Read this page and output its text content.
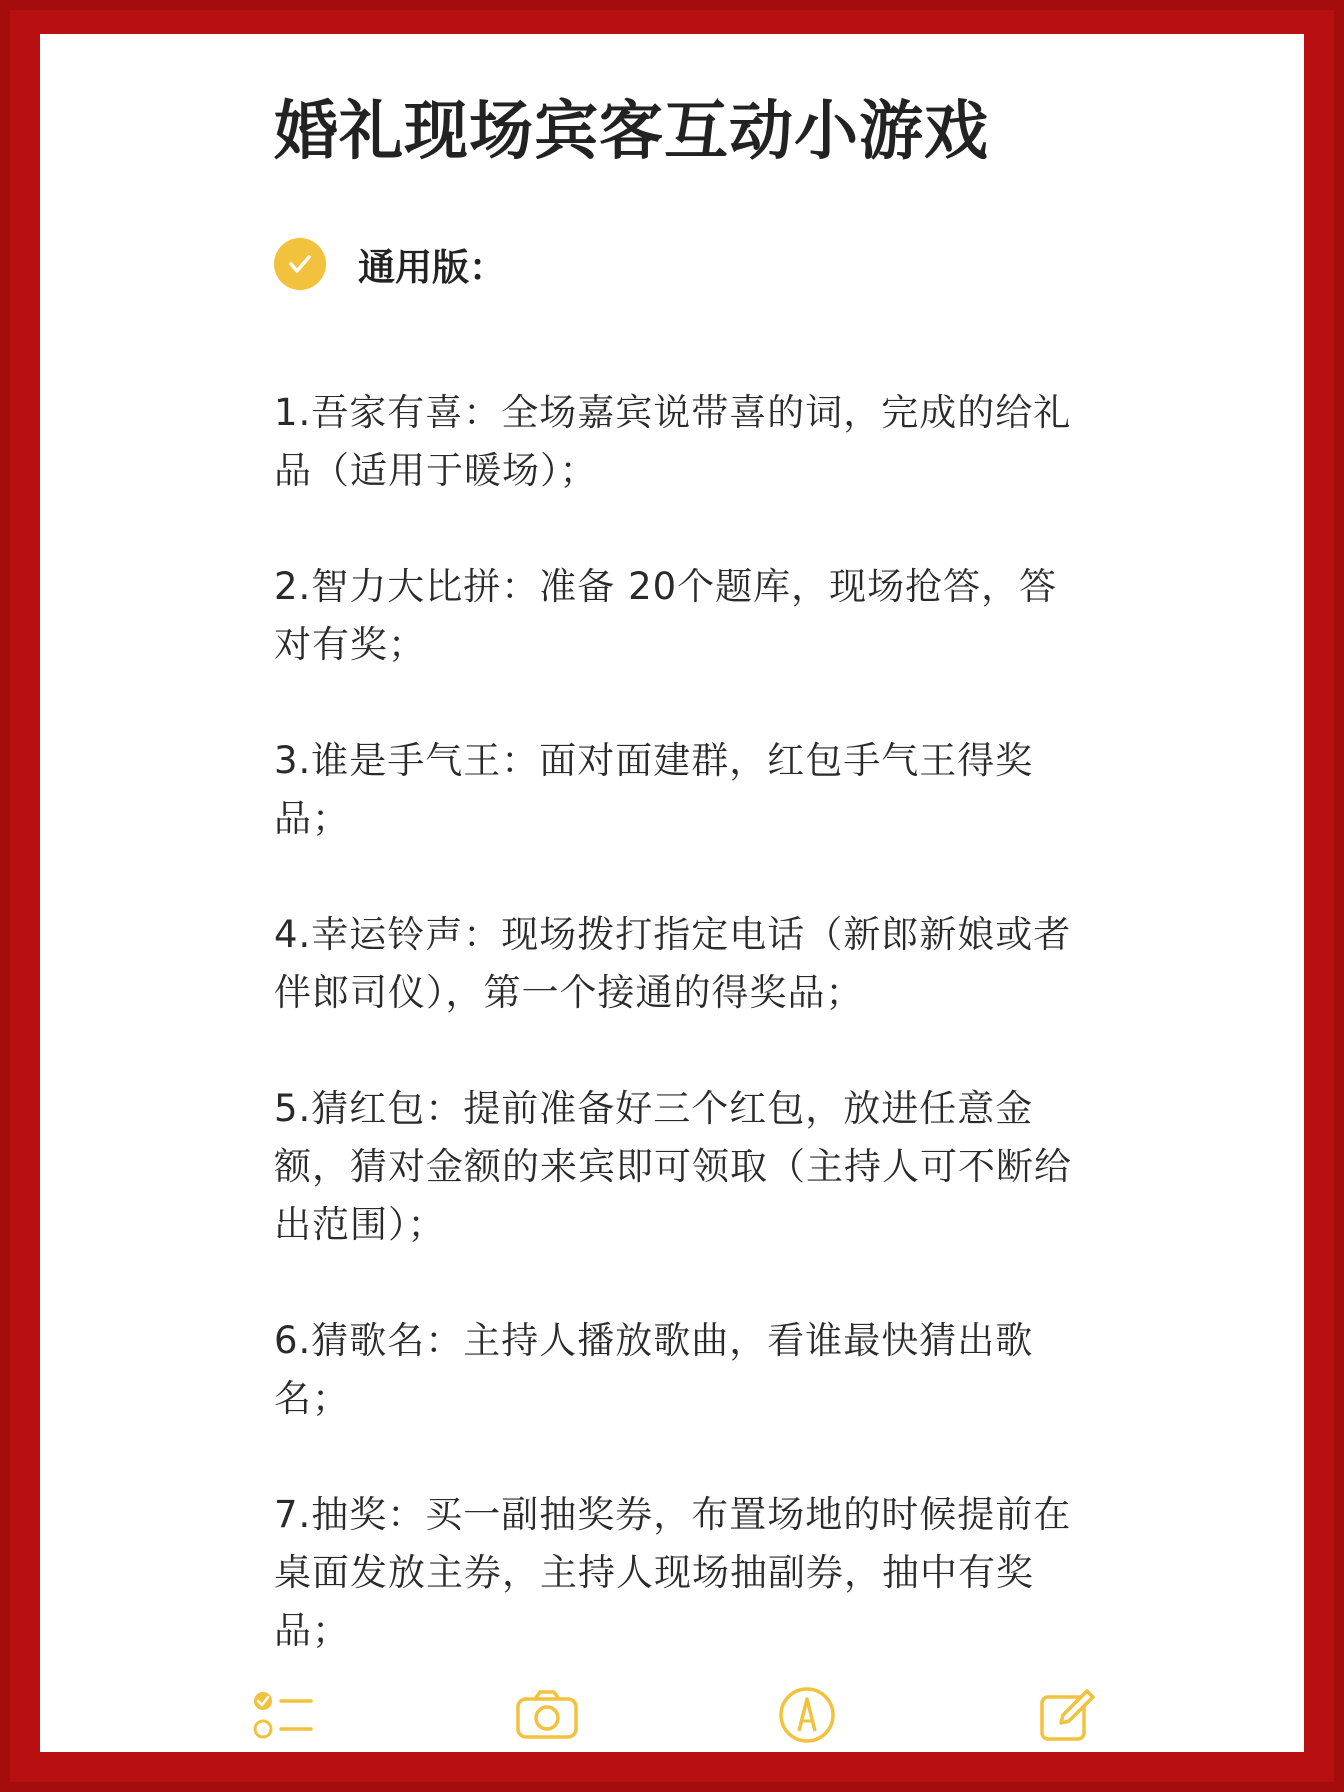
婚礼现场宾客互动小游戏
通用版：
1.吾家有喜：全场嘉宾说带喜的词，完成的给礼品（适用于暖场）；
2.智力大比拼：准备 20个题库，现场抢答，答对有奖；
3.谁是手气王：面对面建群，红包手气王得奖品；
4.幸运铃声：现场拨打指定电话（新郎新娘或者伴郎司仪），第一个接通的得奖品；
5.猜红包：提前准备好三个红包，放进任意金额，猜对金额的来宾即可领取（主持人可不断给出范围）；
6.猜歌名：主持人播放歌曲，看谁最快猜出歌名；
7.抽奖：买一副抽奖券，布置场地的时候提前在桌面发放主券，主持人现场抽副券，抽中有奖品；
